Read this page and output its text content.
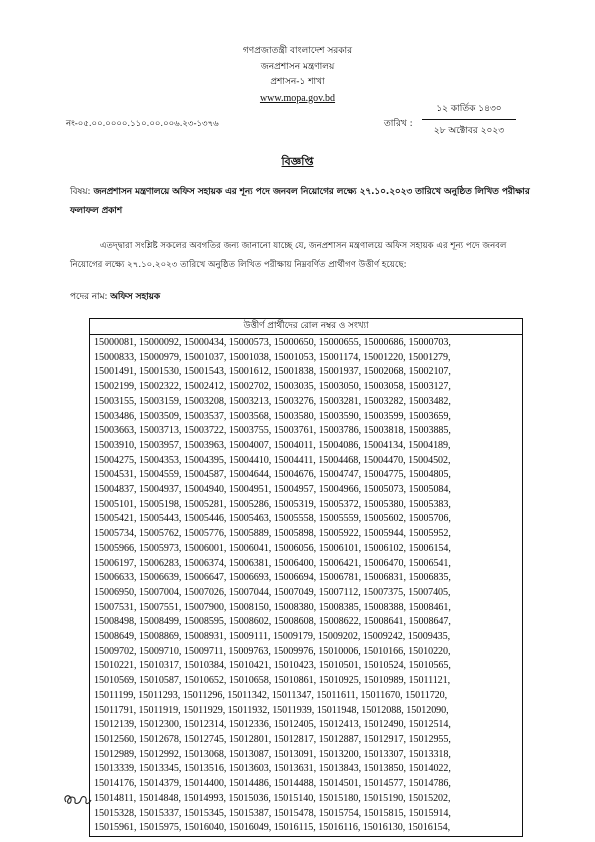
গণপ্রজাতন্ত্রী বাংলাদেশ সরকার
জনপ্রশাসন মন্ত্রণালয়
প্রশাসন-১ শাখা
www.mopa.gov.bd
নং-০৫.০০.০০০০.১১০.০০.০০৬.২৩-১৩৭৬	তারিখ :
১২ কার্তিক ১৪৩০
২৮ অক্টোবর ২০২৩
বিজ্ঞপ্তি
বিষয়: জনপ্রশাসন মন্ত্রণালয়ে অফিস সহায়ক এর শূন্য পদে জনবল নিয়োগের লক্ষ্যে ২৭.১০.২০২৩ তারিখে অনুষ্ঠিত লিখিত পরীক্ষার ফলাফল প্রকাশ
এতদ্দ্বারা সংশ্লিষ্ট সকলের অবগতির জন্য জানানো যাচ্ছে যে, জনপ্রশাসন মন্ত্রণালয়ে অফিস সহায়ক এর শূন্য পদে জনবল নিয়োগের লক্ষ্যে ২৭.১০.২০২৩ তারিখে অনুষ্ঠিত লিখিত পরীক্ষায় নিম্নবর্ণিত প্রার্থীগণ উত্তীর্ণ হয়েছে:
পদের নাম: অফিস সহায়ক
উত্তীর্ণ প্রার্থীদের রোল নম্বর ও সংখ্যা
15000081, 15000092, 15000434, 15000573, 15000650, 15000655, 15000686, 15000703,
15000833, 15000979, 15001037, 15001038, 15001053, 15001174, 15001220, 15001279,
15001491, 15001530, 15001543, 15001612, 15001838, 15001937, 15002068, 15002107,
15002199, 15002322, 15002412, 15002702, 15003035, 15003050, 15003058, 15003127,
15003155, 15003159, 15003208, 15003213, 15003276, 15003281, 15003282, 15003482,
15003486, 15003509, 15003537, 15003568, 15003580, 15003590, 15003599, 15003659,
15003663, 15003713, 15003722, 15003755, 15003761, 15003786, 15003818, 15003885,
15003910, 15003957, 15003963, 15004007, 15004011, 15004086, 15004134, 15004189,
15004275, 15004353, 15004395, 15004410, 15004411, 15004468, 15004470, 15004502,
15004531, 15004559, 15004587, 15004644, 15004676, 15004747, 15004775, 15004805,
15004837, 15004937, 15004940, 15004951, 15004957, 15004966, 15005073, 15005084,
15005101, 15005198, 15005281, 15005286, 15005319, 15005372, 15005380, 15005383,
15005421, 15005443, 15005446, 15005463, 15005558, 15005559, 15005602, 15005706,
15005734, 15005762, 15005776, 15005889, 15005898, 15005922, 15005944, 15005952,
15005966, 15005973, 15006001, 15006041, 15006056, 15006101, 15006102, 15006154,
15006197, 15006283, 15006374, 15006381, 15006400, 15006421, 15006470, 15006541,
15006633, 15006639, 15006647, 15006693, 15006694, 15006781, 15006831, 15006835,
15006950, 15007004, 15007026, 15007044, 15007049, 15007112, 15007375, 15007405,
15007531, 15007551, 15007900, 15008150, 15008380, 15008385, 15008388, 15008461,
15008498, 15008499, 15008595, 15008602, 15008608, 15008622, 15008641, 15008647,
15008649, 15008869, 15008931, 15009111, 15009179, 15009202, 15009242, 15009435,
15009702, 15009710, 15009711, 15009763, 15009976, 15010006, 15010166, 15010220,
15010221, 15010317, 15010384, 15010421, 15010423, 15010501, 15010524, 15010565,
15010569, 15010587, 15010652, 15010658, 15010861, 15010925, 15010989, 15011121,
15011199, 15011293, 15011296, 15011342, 15011347, 15011611, 15011670, 15011720,
15011791, 15011919, 15011929, 15011932, 15011939, 15011948, 15012088, 15012090,
15012139, 15012300, 15012314, 15012336, 15012405, 15012413, 15012490, 15012514,
15012560, 15012678, 15012745, 15012801, 15012817, 15012887, 15012917, 15012955,
15012989, 15012992, 15013068, 15013087, 15013091, 15013200, 15013307, 15013318,
15013339, 15013345, 15013516, 15013603, 15013631, 15013843, 15013850, 15014022,
15014176, 15014379, 15014400, 15014486, 15014488, 15014501, 15014577, 15014786,
15014811, 15014848, 15014993, 15015036, 15015140, 15015180, 15015190, 15015202,
15015328, 15015337, 15015345, 15015387, 15015478, 15015754, 15015815, 15015914,
15015961, 15015975, 15016040, 15016049, 15016115, 15016116, 15016130, 15016154,
